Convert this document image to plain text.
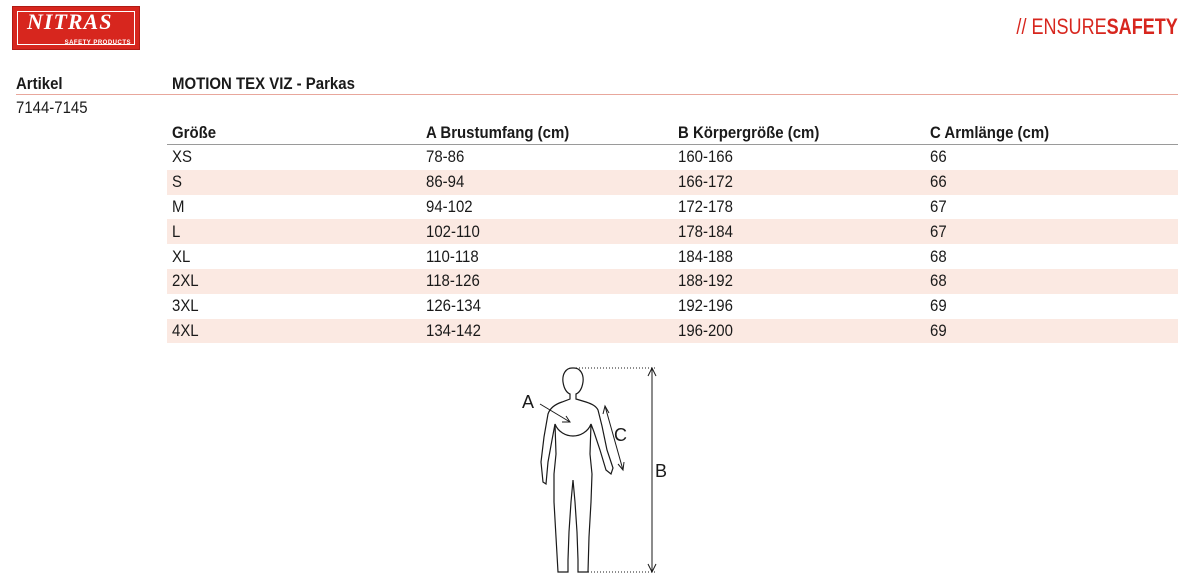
NITRAS
SAFETY PRODUCTS
// ENSURESAFETY
Artikel	MOTION TEX VIZ - Parkas
7144-7145
Größe	A Brustumfang (cm)	B Körpergröße (cm)	C Armlänge (cm)
XS	78-86	160-166	66
S	86-94	166-172	66
M	94-102	172-178	67
L	102-110	178-184	67
XL	110-118	184-188	68
2XL	118-126	188-192	68
3XL	126-134	192-196	69
4XL	134-142	196-200	69
A
B
C
